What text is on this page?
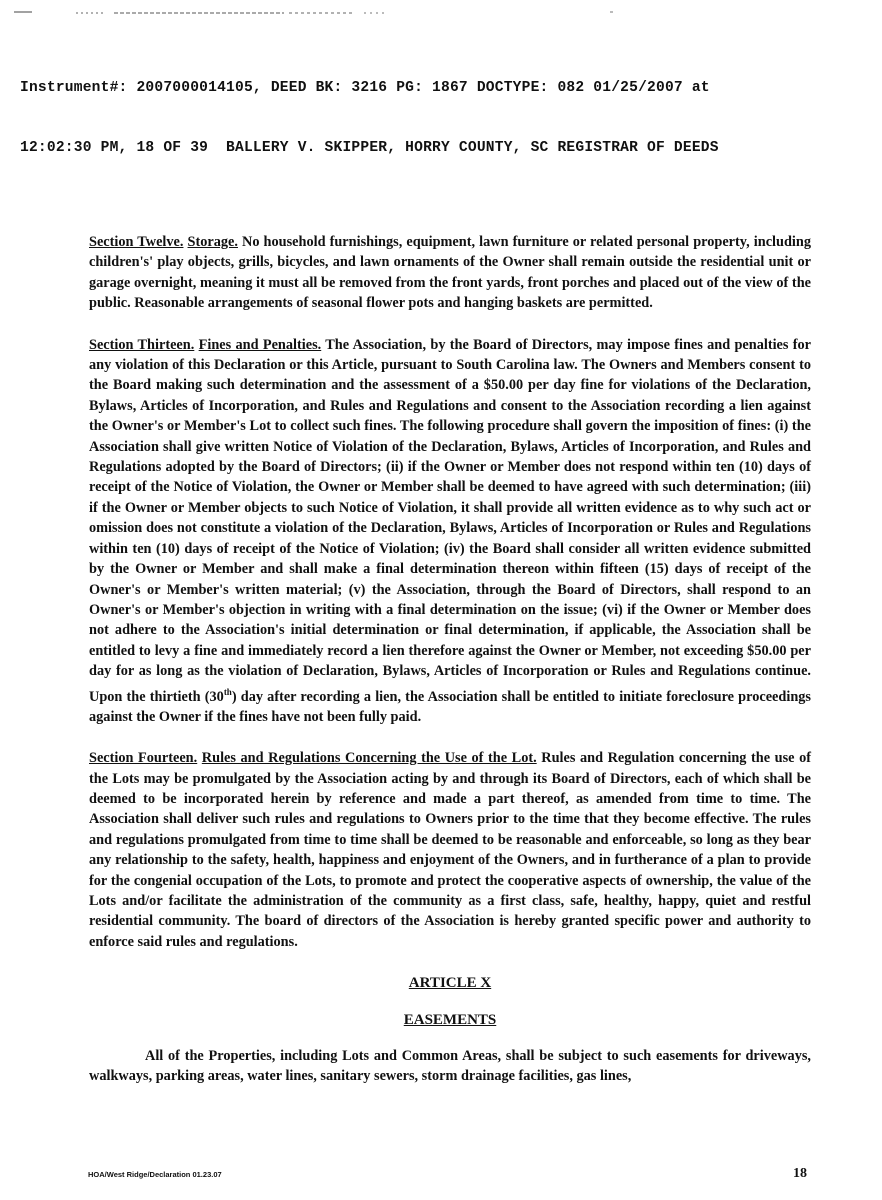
Instrument#: 2007000014105, DEED BK: 3216 PG: 1867 DOCTYPE: 082 01/25/2007 at

12:02:30 PM, 18 OF 39  BALLERY V. SKIPPER, HORRY COUNTY, SC REGISTRAR OF DEEDS

Section Twelve. Storage. No household furnishings, equipment, lawn furniture or related personal property, including children's' play objects, grills, bicycles, and lawn ornaments of the Owner shall remain outside the residential unit or garage overnight, meaning it must all be removed from the front yards, front porches and placed out of the view of the public. Reasonable arrangements of seasonal flower pots and hanging baskets are permitted.

Section Thirteen. Fines and Penalties. The Association, by the Board of Directors, may impose fines and penalties for any violation of this Declaration or this Article, pursuant to South Carolina law. The Owners and Members consent to the Board making such determination and the assessment of a $50.00 per day fine for violations of the Declaration, Bylaws, Articles of Incorporation, and Rules and Regulations and consent to the Association recording a lien against the Owner's or Member's Lot to collect such fines. The following procedure shall govern the imposition of fines: (i) the Association shall give written Notice of Violation of the Declaration, Bylaws, Articles of Incorporation, and Rules and Regulations adopted by the Board of Directors; (ii) if the Owner or Member does not respond within ten (10) days of receipt of the Notice of Violation, the Owner or Member shall be deemed to have agreed with such determination; (iii) if the Owner or Member objects to such Notice of Violation, it shall provide all written evidence as to why such act or omission does not constitute a violation of the Declaration, Bylaws, Articles of Incorporation or Rules and Regulations within ten (10) days of receipt of the Notice of Violation; (iv) the Board shall consider all written evidence submitted by the Owner or Member and shall make a final determination thereon within fifteen (15) days of receipt of the Owner's or Member's written material; (v) the Association, through the Board of Directors, shall respond to an Owner's or Member's objection in writing with a final determination on the issue; (vi) if the Owner or Member does not adhere to the Association's initial determination or final determination, if applicable, the Association shall be entitled to levy a fine and immediately record a lien therefore against the Owner or Member, not exceeding $50.00 per day for as long as the violation of Declaration, Bylaws, Articles of Incorporation or Rules and Regulations continue. Upon the thirtieth (30th) day after recording a lien, the Association shall be entitled to initiate foreclosure proceedings against the Owner if the fines have not been fully paid.

Section Fourteen. Rules and Regulations Concerning the Use of the Lot. Rules and Regulation concerning the use of the Lots may be promulgated by the Association acting by and through its Board of Directors, each of which shall be deemed to be incorporated herein by reference and made a part thereof, as amended from time to time. The Association shall deliver such rules and regulations to Owners prior to the time that they become effective. The rules and regulations promulgated from time to time shall be deemed to be reasonable and enforceable, so long as they bear any relationship to the safety, health, happiness and enjoyment of the Owners, and in furtherance of a plan to provide for the congenial occupation of the Lots, to promote and protect the cooperative aspects of ownership, the value of the Lots and/or facilitate the administration of the community as a first class, safe, healthy, happy, quiet and restful residential community. The board of directors of the Association is hereby granted specific power and authority to enforce said rules and regulations.

ARTICLE X
EASEMENTS

All of the Properties, including Lots and Common Areas, shall be subject to such easements for driveways, walkways, parking areas, water lines, sanitary sewers, storm drainage facilities, gas lines,

HOA/West Ridge/Declaration 01.23.07	18
